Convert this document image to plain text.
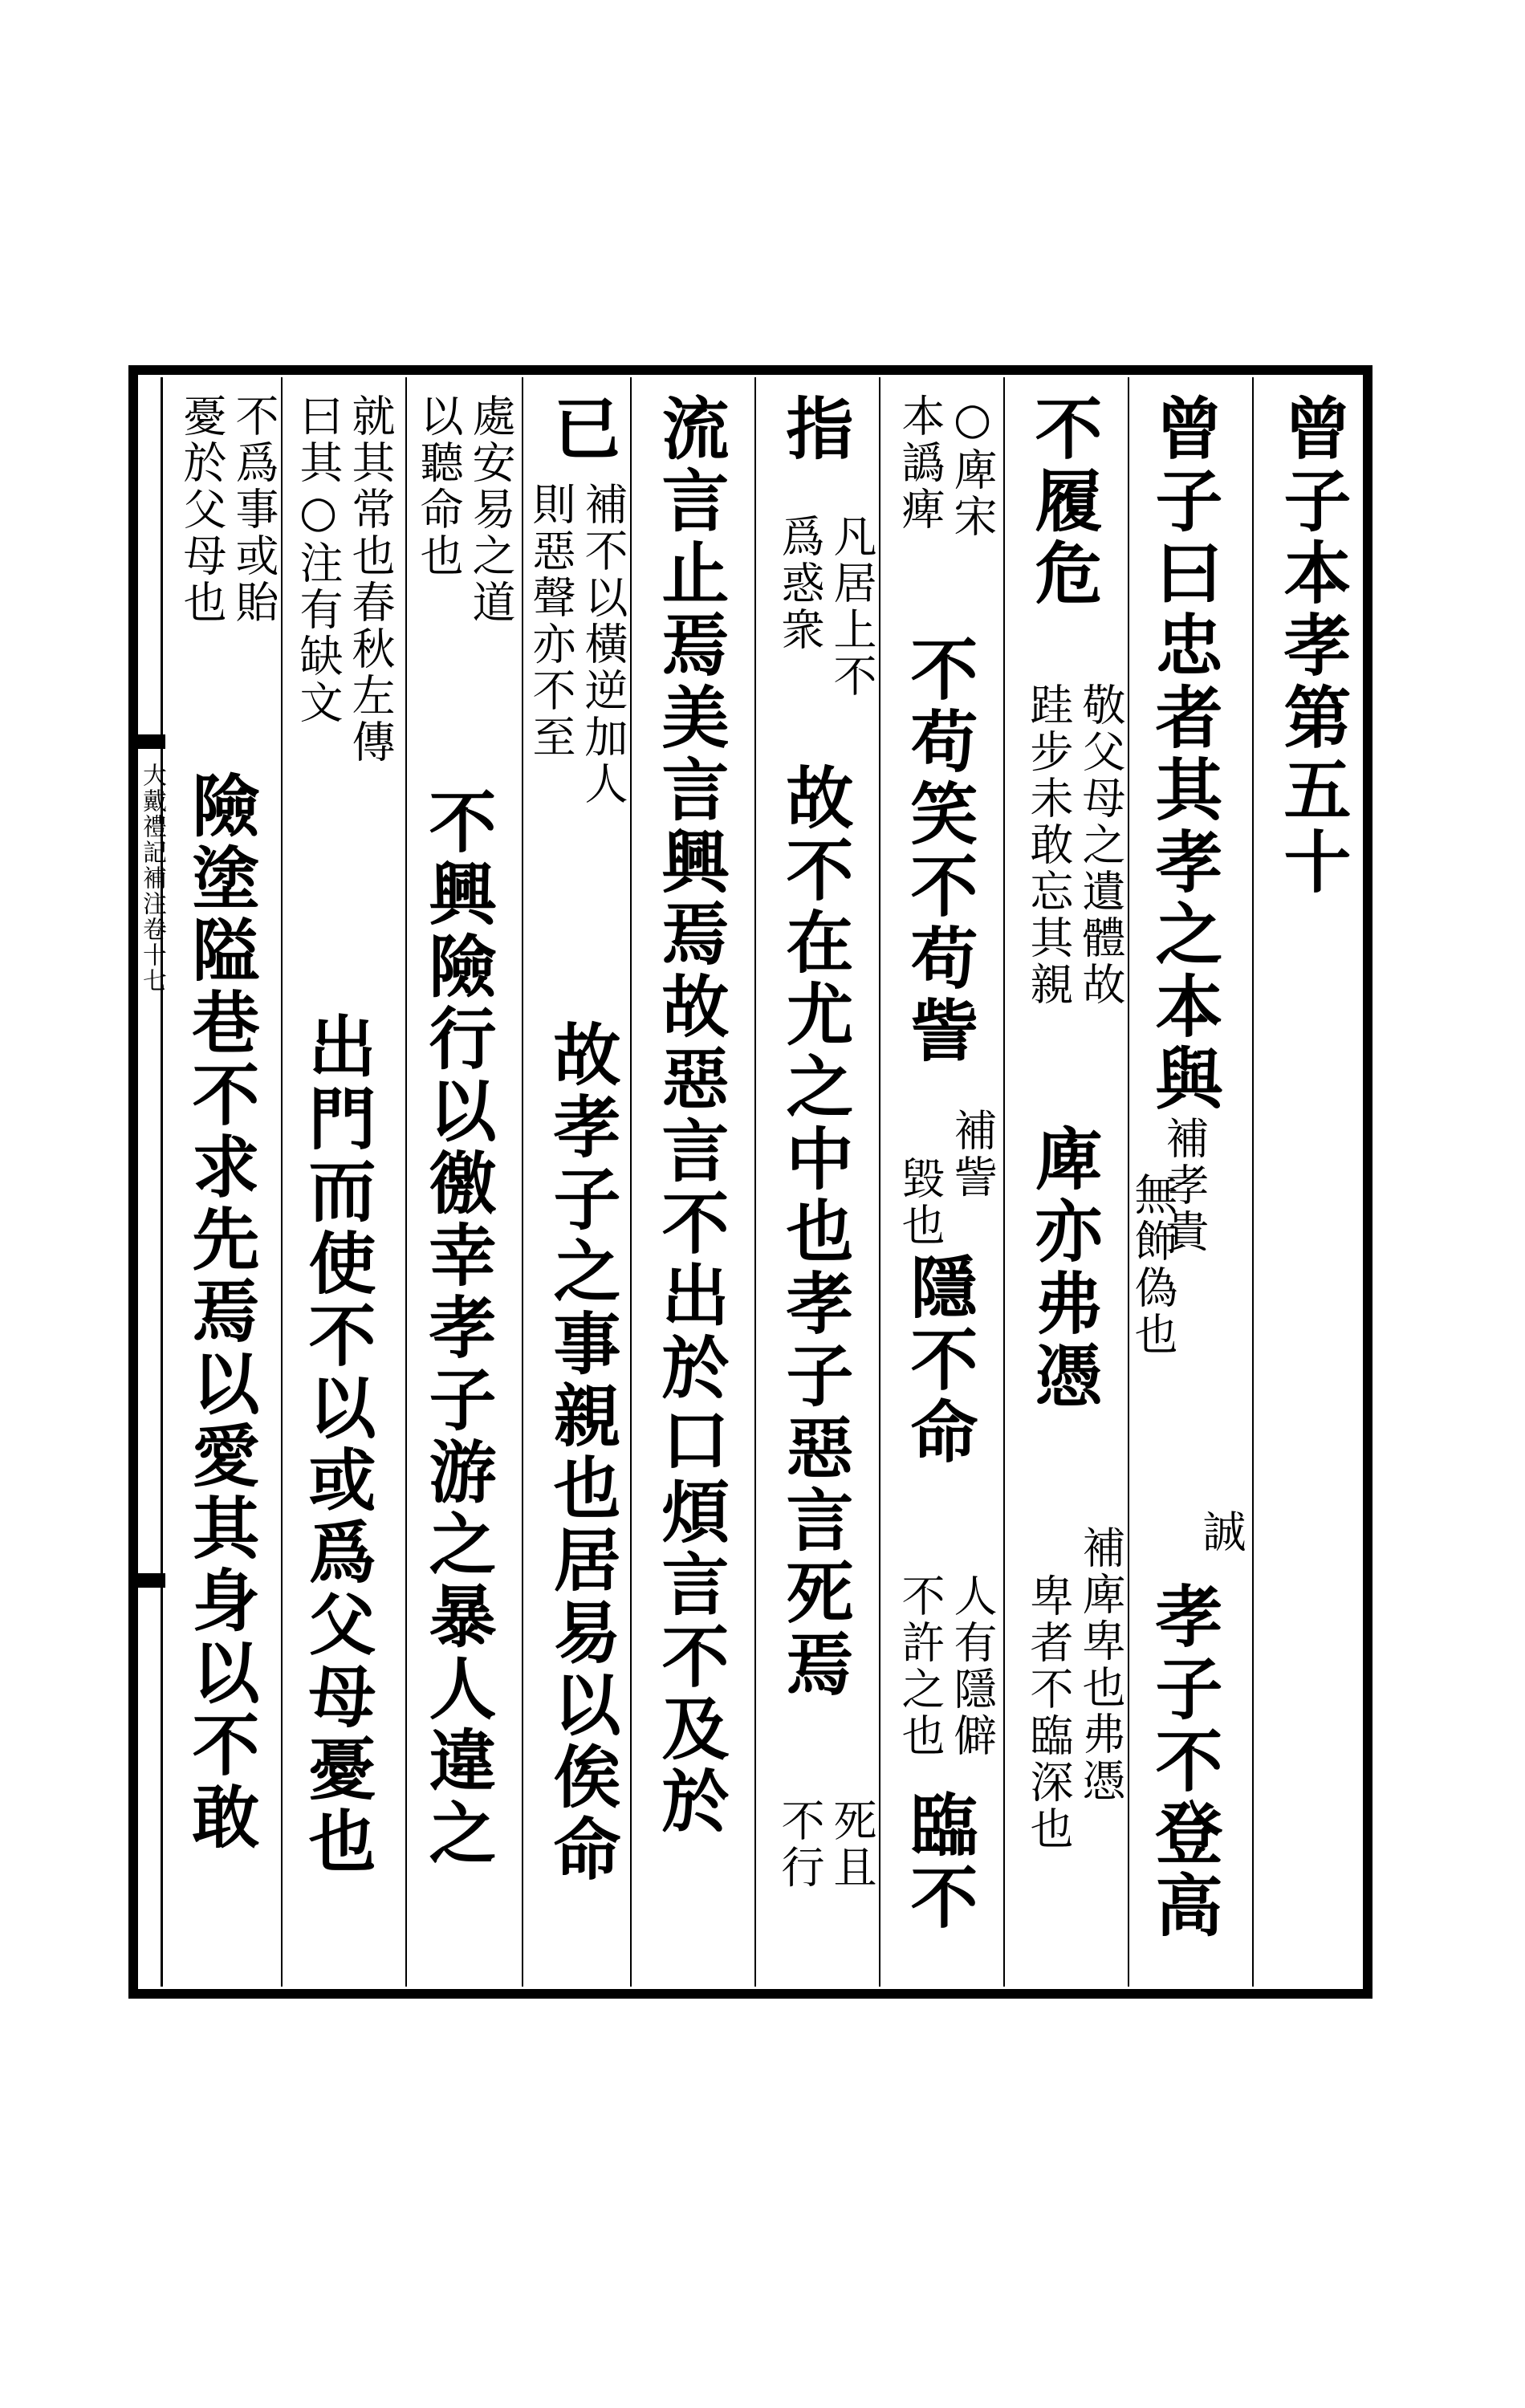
大戴禮記補注卷十七	曾子本孝第五十
曾子曰忠者其孝之本與補孝貴
無飾偽也
誠
孝子不登高
不履危
敬父母之遺體故
跬步未敢忘其親
庳亦弗憑
補庳卑也弗憑
卑者不臨深也
○庳宋
本譌痺
不苟笑不苟訾
補訾
毀也
隱不命
人有隱僻
不許之也
臨不
指
凡居上不
爲惑衆
故不在尤之中也孝子惡言死焉
死且
不行
流言止焉美言興焉故惡言不出於口煩言不及於
已
補不以橫逆加人
則惡聲亦不至
故孝子之事親也居易以俟命
處安易之道
以聽命也
不興險行以徼幸孝子游之暴人違之
就其常也春秋左傳
曰其○注有缺文
出門而使不以或爲父母憂也
不爲事或貽
憂於父母也
險塗隘巷不求先焉以愛其身以不敢
